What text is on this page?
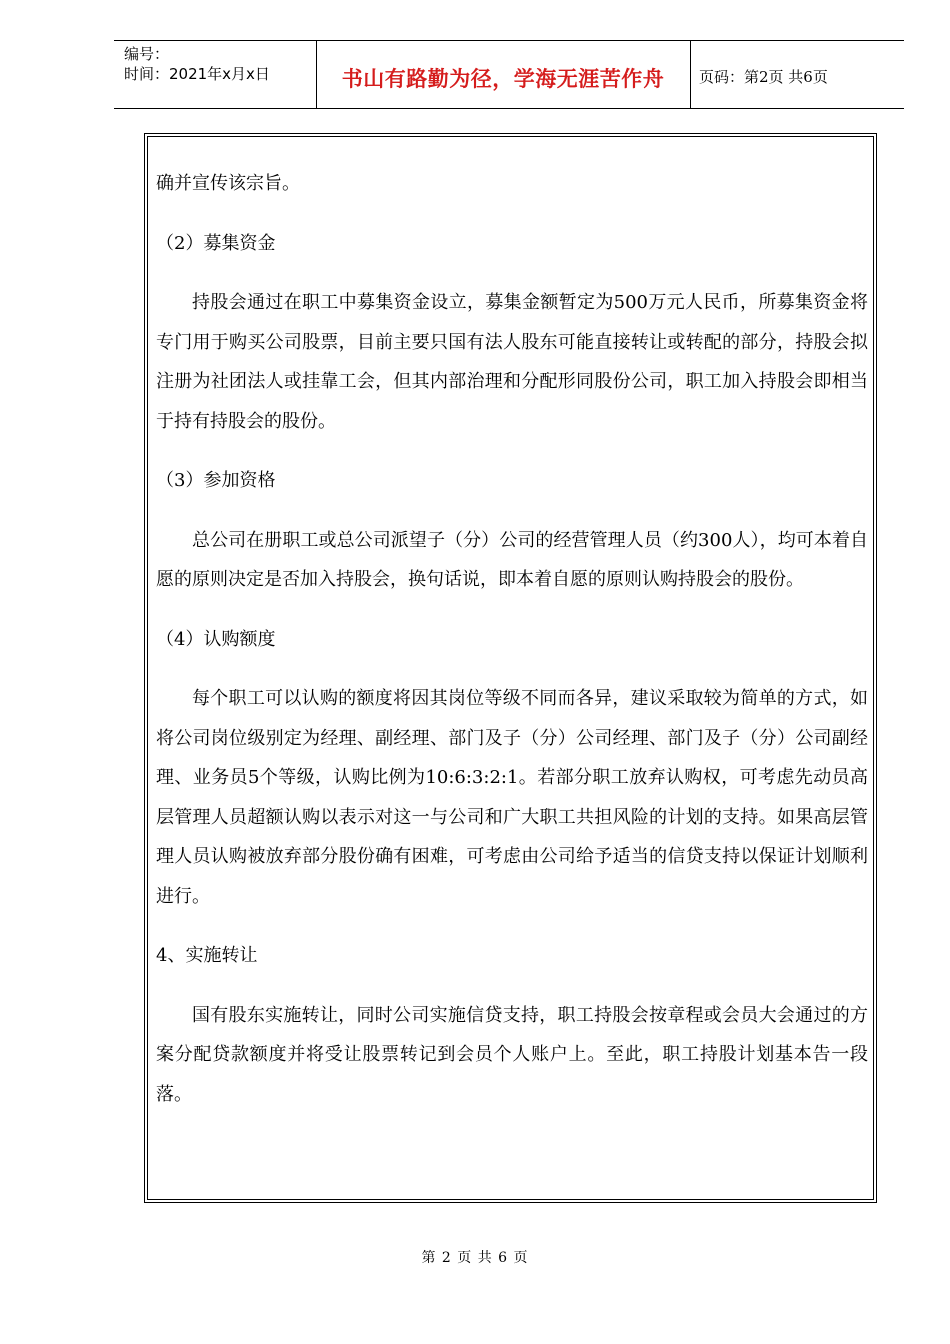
编号：
时间：2021年x月x日	书山有路勤为径，学海无涯苦作舟	页码：第2页 共6页

确并宣传该宗旨。

（2）募集资金

持股会通过在职工中募集资金设立，募集金额暂定为500万元人民币，所募集资金将专门用于购买公司股票，目前主要只国有法人股东可能直接转让或转配的部分，持股会拟注册为社团法人或挂靠工会，但其内部治理和分配形同股份公司，职工加入持股会即相当于持有持股会的股份。

（3）参加资格

总公司在册职工或总公司派望子（分）公司的经营管理人员（约300人），均可本着自愿的原则决定是否加入持股会，换句话说，即本着自愿的原则认购持股会的股份。

（4）认购额度

每个职工可以认购的额度将因其岗位等级不同而各异，建议采取较为简单的方式，如将公司岗位级别定为经理、副经理、部门及子（分）公司经理、部门及子（分）公司副经理、业务员5个等级，认购比例为10:6:3:2:1。若部分职工放弃认购权，可考虑先动员高层管理人员超额认购以表示对这一与公司和广大职工共担风险的计划的支持。如果高层管理人员认购被放弃部分股份确有困难，可考虑由公司给予适当的信贷支持以保证计划顺利进行。

4、实施转让

国有股东实施转让，同时公司实施信贷支持，职工持股会按章程或会员大会通过的方案分配贷款额度并将受让股票转记到会员个人账户上。至此，职工持股计划基本告一段落。

第 2 页 共 6 页
